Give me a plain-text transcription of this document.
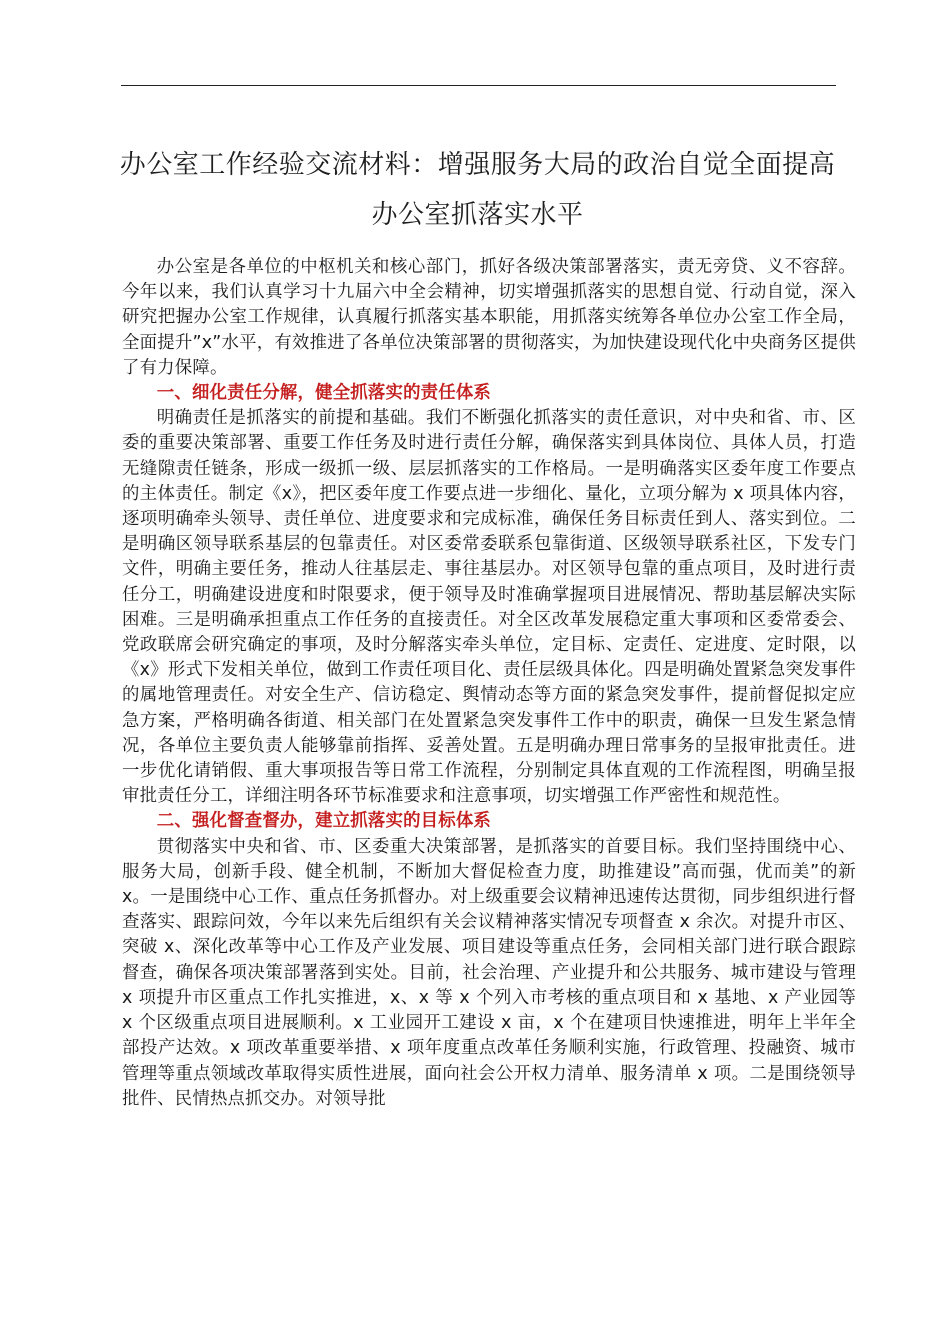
办公室工作经验交流材料：增强服务大局的政治自觉全面提高办公室抓落实水平

办公室是各单位的中枢机关和核心部门，抓好各级决策部署落实，责无旁贷、义不容辞。今年以来，我们认真学习十九届六中全会精神，切实增强抓落实的思想自觉、行动自觉，深入研究把握办公室工作规律，认真履行抓落实基本职能，用抓落实统筹各单位办公室工作全局，全面提升”x”水平，有效推进了各单位决策部署的贯彻落实，为加快建设现代化中央商务区提供了有力保障。

一、细化责任分解，健全抓落实的责任体系

明确责任是抓落实的前提和基础。我们不断强化抓落实的责任意识，对中央和省、市、区委的重要决策部署、重要工作任务及时进行责任分解，确保落实到具体岗位、具体人员，打造无缝隙责任链条，形成一级抓一级、层层抓落实的工作格局。一是明确落实区委年度工作要点的主体责任。制定《x》，把区委年度工作要点进一步细化、量化，立项分解为 x 项具体内容，逐项明确牵头领导、责任单位、进度要求和完成标准，确保任务目标责任到人、落实到位。二是明确区领导联系基层的包靠责任。对区委常委联系包靠街道、区级领导联系社区，下发专门文件，明确主要任务，推动人往基层走、事往基层办。对区领导包靠的重点项目，及时进行责任分工，明确建设进度和时限要求，便于领导及时准确掌握项目进展情况、帮助基层解决实际困难。三是明确承担重点工作任务的直接责任。对全区改革发展稳定重大事项和区委常委会、党政联席会研究确定的事项，及时分解落实牵头单位，定目标、定责任、定进度、定时限，以《x》形式下发相关单位，做到工作责任项目化、责任层级具体化。四是明确处置紧急突发事件的属地管理责任。对安全生产、信访稳定、舆情动态等方面的紧急突发事件，提前督促拟定应急方案，严格明确各街道、相关部门在处置紧急突发事件工作中的职责，确保一旦发生紧急情况，各单位主要负责人能够靠前指挥、妥善处置。五是明确办理日常事务的呈报审批责任。进一步优化请销假、重大事项报告等日常工作流程，分别制定具体直观的工作流程图，明确呈报审批责任分工，详细注明各环节标准要求和注意事项，切实增强工作严密性和规范性。

二、强化督查督办，建立抓落实的目标体系

贯彻落实中央和省、市、区委重大决策部署，是抓落实的首要目标。我们坚持围绕中心、服务大局，创新手段、健全机制，不断加大督促检查力度，助推建设”高而强，优而美”的新 x。一是围绕中心工作、重点任务抓督办。对上级重要会议精神迅速传达贯彻，同步组织进行督查落实、跟踪问效，今年以来先后组织有关会议精神落实情况专项督查 x 余次。对提升市区、突破 x、深化改革等中心工作及产业发展、项目建设等重点任务，会同相关部门进行联合跟踪督查，确保各项决策部署落到实处。目前，社会治理、产业提升和公共服务、城市建设与管理 x 项提升市区重点工作扎实推进，x、x 等 x 个列入市考核的重点项目和 x 基地、x 产业园等 x 个区级重点项目进展顺利。x 工业园开工建设 x 亩，x 个在建项目快速推进，明年上半年全部投产达效。x 项改革重要举措、x 项年度重点改革任务顺利实施，行政管理、投融资、城市管理等重点领域改革取得实质性进展，面向社会公开权力清单、服务清单 x 项。二是围绕领导批件、民情热点抓交办。对领导批
